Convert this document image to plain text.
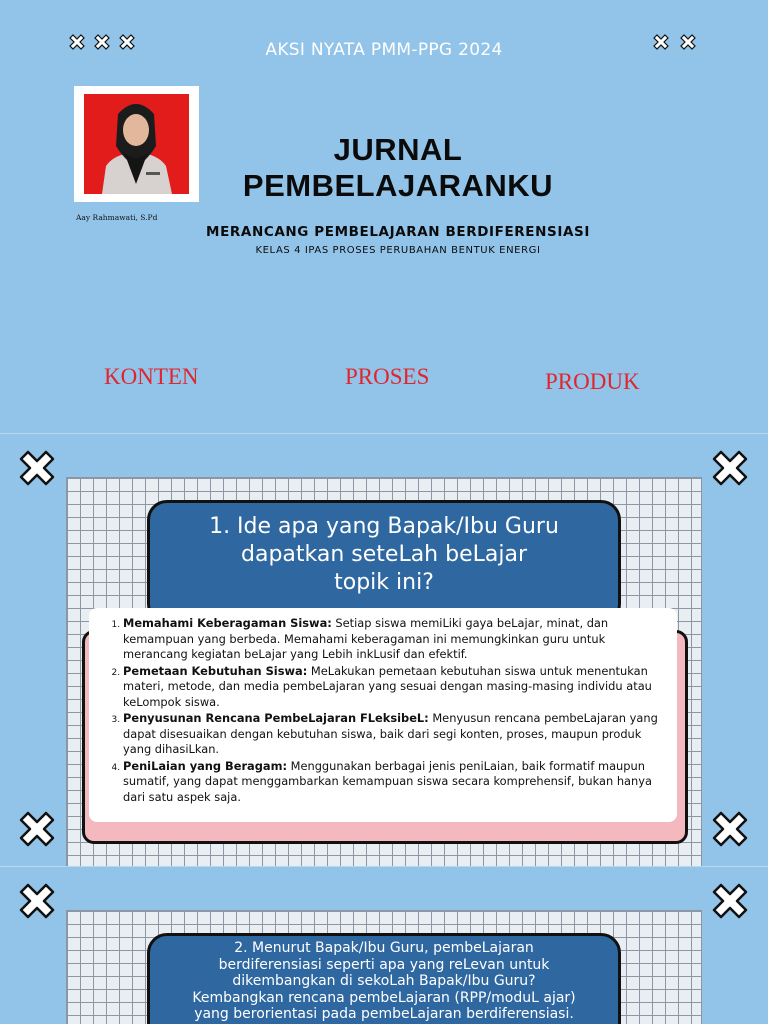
AKSI NYATA PMM-PPG 2024
Aay Rahmawati, S.Pd
JURNAL
PEMBELAJARANKU
MERANCANG PEMBELAJARAN BERDIFERENSIASI
KELAS 4 IPAS PROSES PERUBAHAN BENTUK ENERGI
KONTEN	PROSES	PRODUK
1. Ide apa yang Bapak/Ibu Guru
dapatkan seteLah beLajar
topik ini?
1. Memahami Keberagaman Siswa: Setiap siswa memiLiki gaya beLajar, minat, dan kemampuan yang berbeda. Memahami keberagaman ini memungkinkan guru untuk merancang kegiatan beLajar yang Lebih inkLusif dan efektif.
2. Pemetaan Kebutuhan Siswa: MeLakukan pemetaan kebutuhan siswa untuk menentukan materi, metode, dan media pembeLajaran yang sesuai dengan masing-masing individu atau keLompok siswa.
3. Penyusunan Rencana PembeLajaran FLeksibeL: Menyusun rencana pembeLajaran yang dapat disesuaikan dengan kebutuhan siswa, baik dari segi konten, proses, maupun produk yang dihasiLkan.
4. PeniLaian yang Beragam: Menggunakan berbagai jenis peniLaian, baik formatif maupun sumatif, yang dapat menggambarkan kemampuan siswa secara komprehensif, bukan hanya dari satu aspek saja.
2. Menurut Bapak/Ibu Guru, pembeLajaran
berdiferensiasi seperti apa yang reLevan untuk
dikembangkan di sekoLah Bapak/Ibu Guru?
Kembangkan rencana pembeLajaran (RPP/moduL ajar)
yang berorientasi pada pembeLajaran berdiferensiasi.
